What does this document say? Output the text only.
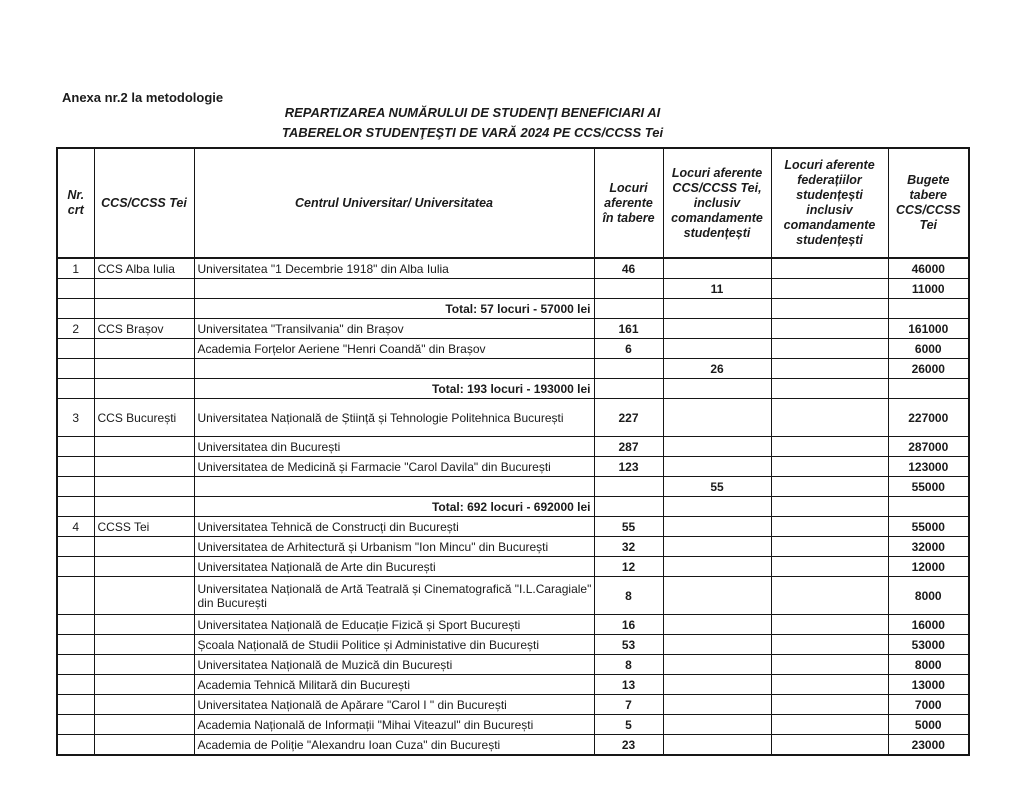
Anexa nr.2 la metodologie
REPARTIZAREA NUMĂRULUI DE STUDENŢI BENEFICIARI AI
TABERELOR STUDENŢEŞTI DE VARĂ 2024 PE CCS/CCSS Tei
Nr. crt	CCS/CCSS Tei	Centrul Universitar/ Universitatea	Locuri aferente în tabere	Locuri aferente CCS/CCSS Tei, inclusiv comandamente studențești	Locuri aferente federațiilor studențești inclusiv comandamente studențești	Bugete tabere CCS/CCSS Tei
1	CCS Alba Iulia	Universitatea "1 Decembrie 1918" din Alba Iulia	46			46000
				11		11000
		Total: 57 locuri - 57000 lei				
2	CCS Brașov	Universitatea "Transilvania" din Brașov	161			161000
		Academia Forțelor Aeriene "Henri Coandă" din Brașov	6			6000
				26		26000
		Total: 193 locuri - 193000 lei				
3	CCS București	Universitatea Națională de Știință și Tehnologie Politehnica București	227			227000
		Universitatea din București	287			287000
		Universitatea de Medicină și Farmacie "Carol Davila" din București	123			123000
				55		55000
		Total: 692 locuri - 692000 lei				
4	CCSS Tei	Universitatea Tehnică de Construcți din București	55			55000
		Universitatea de Arhitectură și Urbanism "Ion Mincu" din București	32			32000
		Universitatea Națională de Arte din București	12			12000
		Universitatea Națională de Artă Teatrală și Cinematografică "I.L.Caragiale" din București	8			8000
		Universitatea Națională de Educație Fizică și Sport București	16			16000
		Școala Națională de Studii Politice și Administative din București	53			53000
		Universitatea Națională de Muzică din București	8			8000
		Academia Tehnică Militară din București	13			13000
		Universitatea Națională de Apărare "Carol I " din București	7			7000
		Academia Națională de Informații "Mihai Viteazul" din București	5			5000
		Academia de Poliție "Alexandru Ioan Cuza" din București	23			23000
